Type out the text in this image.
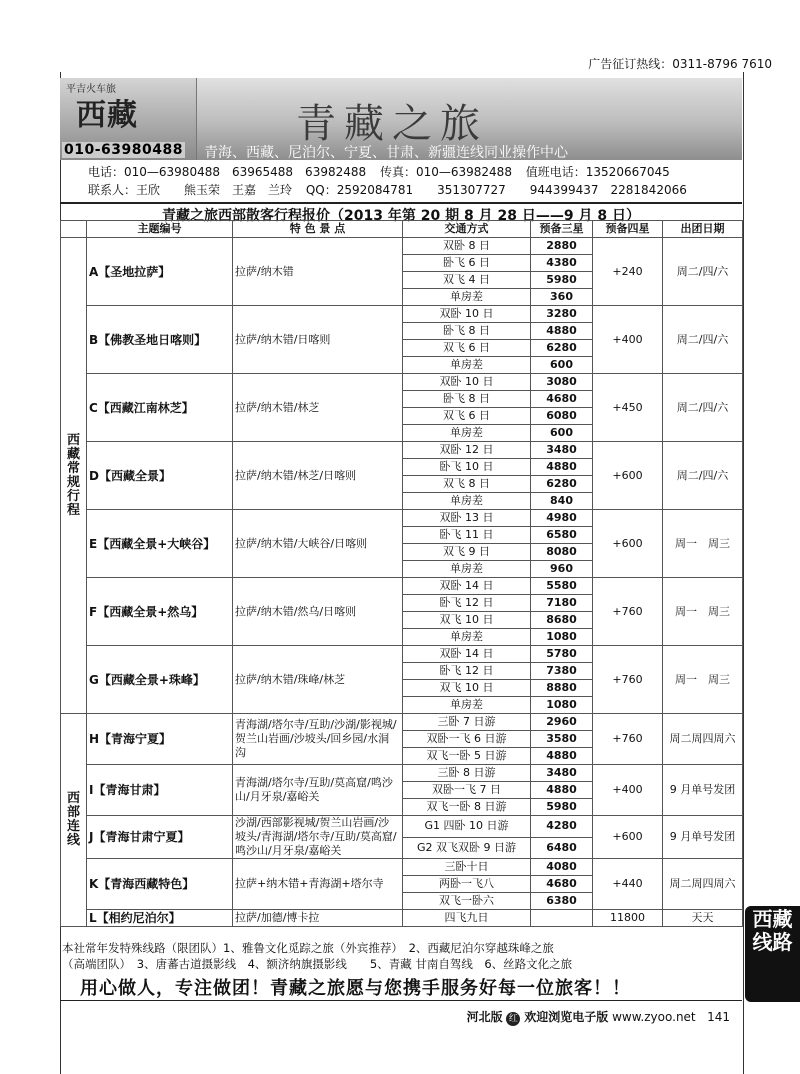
广告征订热线：0311-8796 7610
平吉火车旅
西藏
010-63980488
青藏之旅
青海、西藏、尼泊尔、宁夏、甘肃、新疆连线同业操作中心
电话：010—63980488　63965488　63982488 传真：010—63982488 值班电话：13520667045
联系人：王欣　　熊玉荣　王嘉　兰玲 QQ：2592084781　　351307727　　944399437　2281842066
青藏之旅西部散客行程报价（2013 年第 20 期 8 月 28 日——9 月 8 日）
	主题编号	特 色 景 点	交通方式	预备三星	预备四星	出团日期
西藏常规行程	A【圣地拉萨】	拉萨/纳木错	双卧 8 日	2880	+240	周二/四/六
			卧飞 6 日	4380		
			双飞 4 日	5980		
			单房差	360		
	B【佛教圣地日喀则】	拉萨/纳木错/日喀则	双卧 10 日	3280	+400	周二/四/六
			卧飞 8 日	4880		
			双飞 6 日	6280		
			单房差	600		
	C【西藏江南林芝】	拉萨/纳木错/林芝	双卧 10 日	3080	+450	周二/四/六
			卧飞 8 日	4680		
			双飞 6 日	6080		
			单房差	600		
	D【西藏全景】	拉萨/纳木错/林芝/日喀则	双卧 12 日	3480	+600	周二/四/六
			卧飞 10 日	4880		
			双飞 8 日	6280		
			单房差	840		
	E【西藏全景+大峡谷】	拉萨/纳木错/大峡谷/日喀则	双卧 13 日	4980	+600	周一　周三
			卧飞 11 日	6580		
			双飞 9 日	8080		
			单房差	960		
	F【西藏全景+然乌】	拉萨/纳木错/然乌/日喀则	双卧 14 日	5580	+760	周一　周三
			卧飞 12 日	7180		
			双飞 10 日	8680		
			单房差	1080		
	G【西藏全景+珠峰】	拉萨/纳木错/珠峰/林芝	双卧 14 日	5780	+760	周一　周三
			卧飞 12 日	7380		
			双飞 10 日	8880		
			单房差	1080		
西部连线	H【青海宁夏】	青海湖/塔尔寺/互助/沙湖/影视城/贺兰山岩画/沙坡头/回乡园/水洞沟	三卧 7 日游	2960	+760	周二周四周六
			双卧一飞 6 日游	3580		
			双飞一卧 5 日游	4880		
	I【青海甘肃】	青海湖/塔尔寺/互助/莫高窟/鸣沙山/月牙泉/嘉峪关	三卧 8 日游	3480	+400	9 月单号发团
			双卧一飞 7 日	4880		
			双飞一卧 8 日游	5980		
	J【青海甘肃宁夏】	沙湖/西部影视城/贺兰山岩画/沙坡头/青海湖/塔尔寺/互助/莫高窟/鸣沙山/月牙泉/嘉峪关	G1 四卧 10 日游	4280	+600	9 月单号发团
			G2 双飞双卧 9 日游	6480		
	K【青海西藏特色】	拉萨+纳木错+青海湖+塔尔寺	三卧十日	4080	+440	周二周四周六
			两卧一飞八	4680		
			双飞一卧六	6380		
	L【相约尼泊尔】	拉萨/加德/博卡拉	四飞九日		11800	天天
本社常年发特殊线路（限团队）1、雅鲁文化觅踪之旅（外宾推荐）　2、西藏尼泊尔穿越珠峰之旅
（高端团队）　3、唐蕃古道摄影线　4、额济纳旗摄影线　　5、青藏 甘南自驾线　6、丝路文化之旅
用心做人，专注做团！青藏之旅愿与您携手服务好每一位旅客！！
河北版 红 欢迎浏览电子版 www.zyoo.net 141
西藏线路
